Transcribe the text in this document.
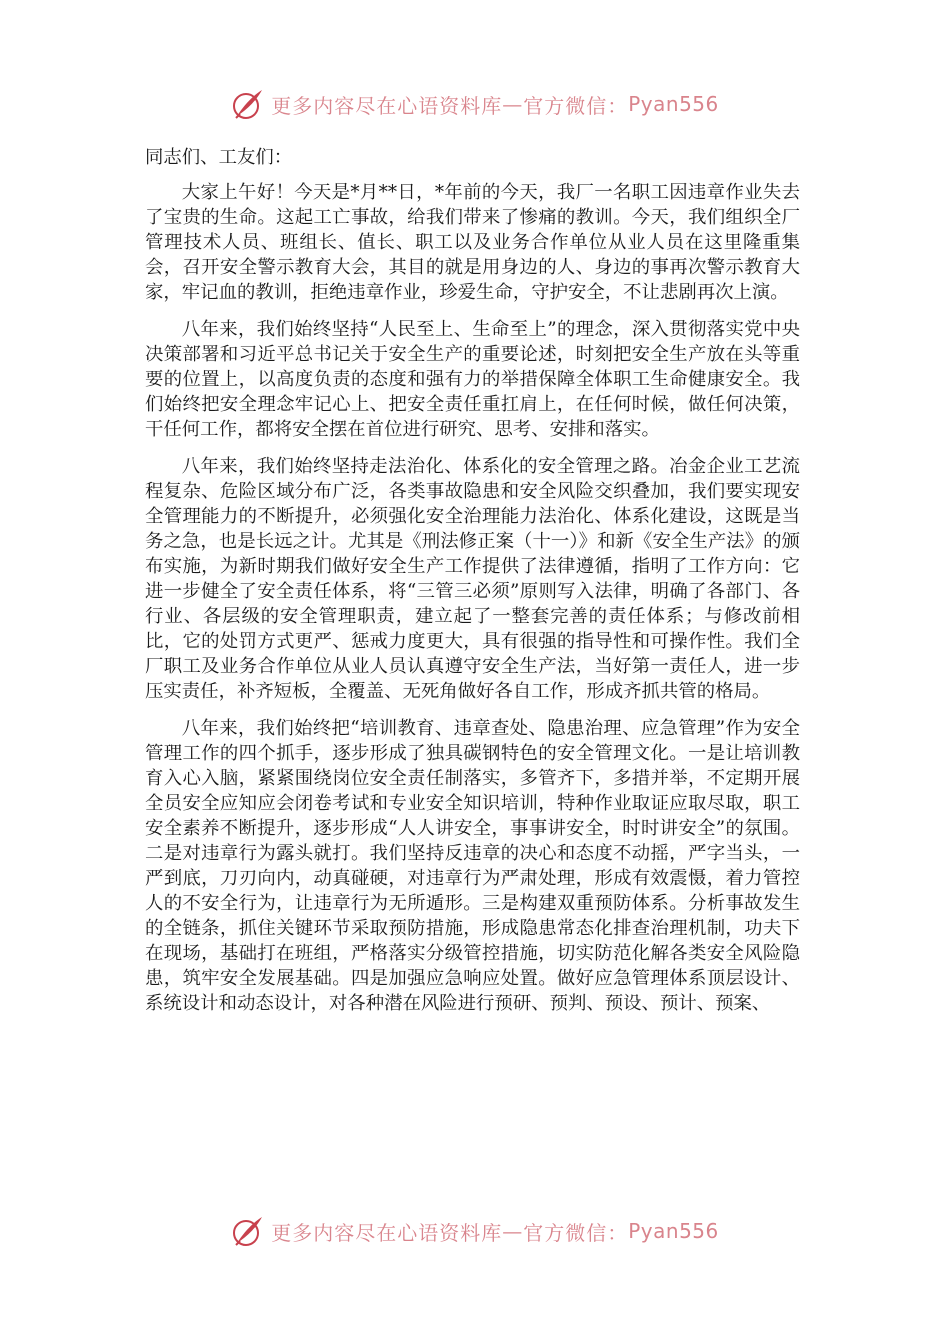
更多内容尽在心语资料库 — 官方微信： Pyan556

同志们、工友们：

大家上午好！今天是*月**日，*年前的今天，我厂一名职工因违章作业失去了宝贵的生命。这起工亡事故，给我们带来了惨痛的教训。今天，我们组织全厂管理技术人员、班组长、值长、职工以及业务合作单位从业人员在这里隆重集会，召开安全警示教育大会，其目的就是用身边的人、身边的事再次警示教育大家，牢记血的教训，拒绝违章作业，珍爱生命，守护安全，不让悲剧再次上演。

八年来，我们始终坚持“人民至上、生命至上”的理念，深入贯彻落实党中央决策部署和习近平总书记关于安全生产的重要论述，时刻把安全生产放在头等重要的位置上，以高度负责的态度和强有力的举措保障全体职工生命健康安全。我们始终把安全理念牢记心上、把安全责任重扛肩上，在任何时候，做任何决策，干任何工作，都将安全摆在首位进行研究、思考、安排和落实。

八年来，我们始终坚持走法治化、体系化的安全管理之路。冶金企业工艺流程复杂、危险区域分布广泛，各类事故隐患和安全风险交织叠加，我们要实现安全管理能力的不断提升，必须强化安全治理能力法治化、体系化建设，这既是当务之急，也是长远之计。尤其是《刑法修正案（十一）》和新《安全生产法》的颁布实施，为新时期我们做好安全生产工作提供了法律遵循，指明了工作方向：它进一步健全了安全责任体系，将“三管三必须”原则写入法律，明确了各部门、各行业、各层级的安全管理职责，建立起了一整套完善的责任体系；与修改前相比，它的处罚方式更严、惩戒力度更大，具有很强的指导性和可操作性。我们全厂职工及业务合作单位从业人员认真遵守安全生产法，当好第一责任人，进一步压实责任，补齐短板，全覆盖、无死角做好各自工作，形成齐抓共管的格局。

八年来，我们始终把“培训教育、违章查处、隐患治理、应急管理”作为安全管理工作的四个抓手，逐步形成了独具碳钢特色的安全管理文化。一是让培训教育入心入脑，紧紧围绕岗位安全责任制落实，多管齐下，多措并举，不定期开展全员安全应知应会闭卷考试和专业安全知识培训，特种作业取证应取尽取，职工安全素养不断提升，逐步形成“人人讲安全，事事讲安全，时时讲安全”的氛围。二是对违章行为露头就打。我们坚持反违章的决心和态度不动摇，严字当头，一严到底，刀刃向内，动真碰硬，对违章行为严肃处理，形成有效震慑，着力管控人的不安全行为，让违章行为无所遁形。三是构建双重预防体系。分析事故发生的全链条，抓住关键环节采取预防措施，形成隐患常态化排查治理机制，功夫下在现场，基础打在班组，严格落实分级管控措施，切实防范化解各类安全风险隐患，筑牢安全发展基础。四是加强应急响应处置。做好应急管理体系顶层设计、系统设计和动态设计，对各种潜在风险进行预研、预判、预设、预计、预案、

更多内容尽在心语资料库 — 官方微信： Pyan556
